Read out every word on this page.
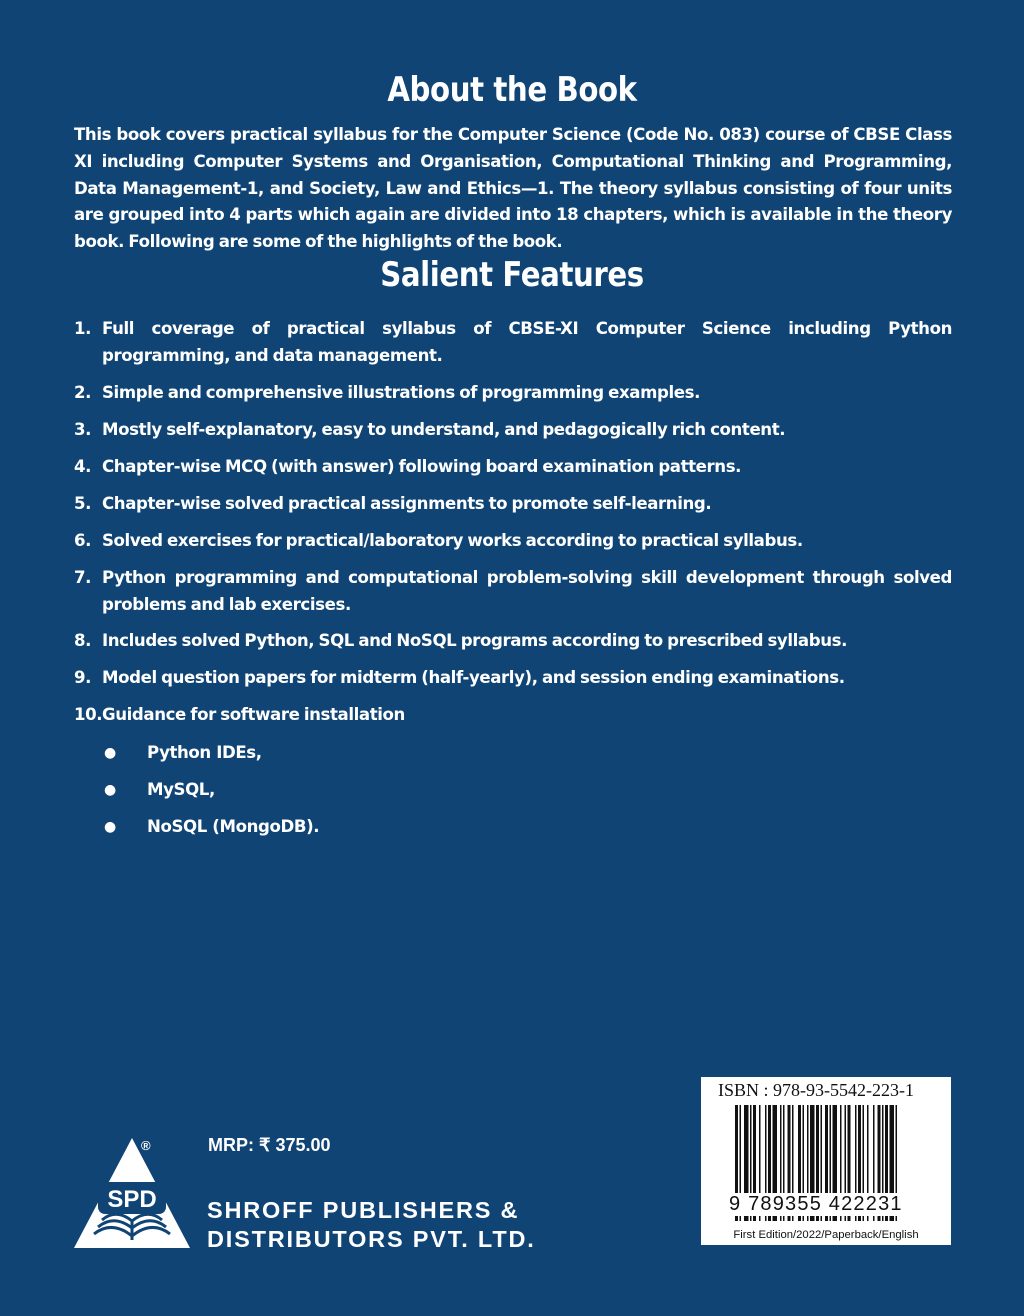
About the Book
This book covers practical syllabus for the Computer Science (Code No. 083) course of CBSE Class XI including Computer Systems and Organisation, Computational Thinking and Programming, Data Management-1, and Society, Law and Ethics—1. The theory syllabus consisting of four units are grouped into 4 parts which again are divided into 18 chapters, which is available in the theory book. Following are some of the highlights of the book.
Salient Features
1. Full coverage of practical syllabus of CBSE-XI Computer Science including Python programming, and data management.
2. Simple and comprehensive illustrations of programming examples.
3. Mostly self-explanatory, easy to understand, and pedagogically rich content.
4. Chapter-wise MCQ (with answer) following board examination patterns.
5. Chapter-wise solved practical assignments to promote self-learning.
6. Solved exercises for practical/laboratory works according to practical syllabus.
7. Python programming and computational problem-solving skill development through solved problems and lab exercises.
8. Includes solved Python, SQL and NoSQL programs according to prescribed syllabus.
9. Model question papers for midterm (half-yearly), and session ending examinations.
10. Guidance for software installation
●	Python IDEs,
●	MySQL,
●	NoSQL (MongoDB).
SPD
®	MRP: ₹ 375.00
SHROFF PUBLISHERS &
DISTRIBUTORS PVT. LTD.
ISBN : 978-93-5542-223-1
9 789355 422231
First Edition/2022/Paperback/English
